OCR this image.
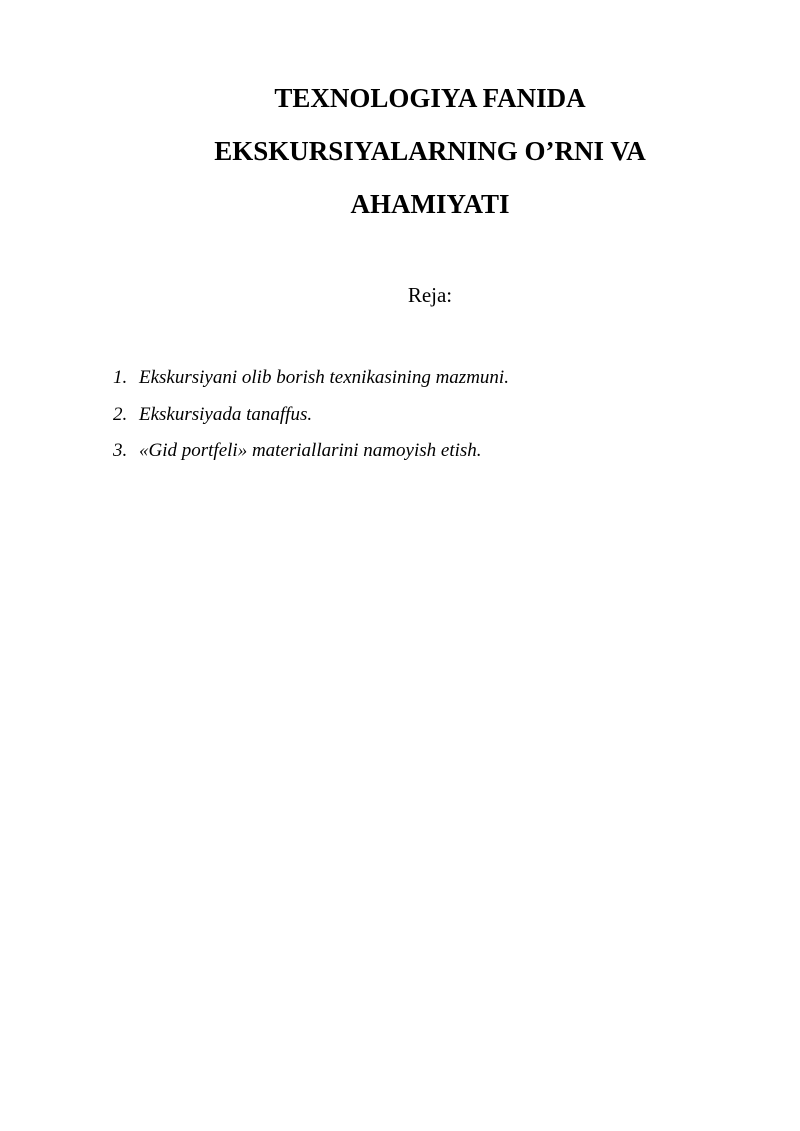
TEXNOLOGIYA FANIDA
EKSKURSIYALARNING O’RNI VA
AHAMIYATI
Reja:
1. Ekskursiyani olib borish texnikasining mazmuni.
2. Ekskursiyada tanaffus.
3. «Gid portfeli» materiallarini namoyish etish.
